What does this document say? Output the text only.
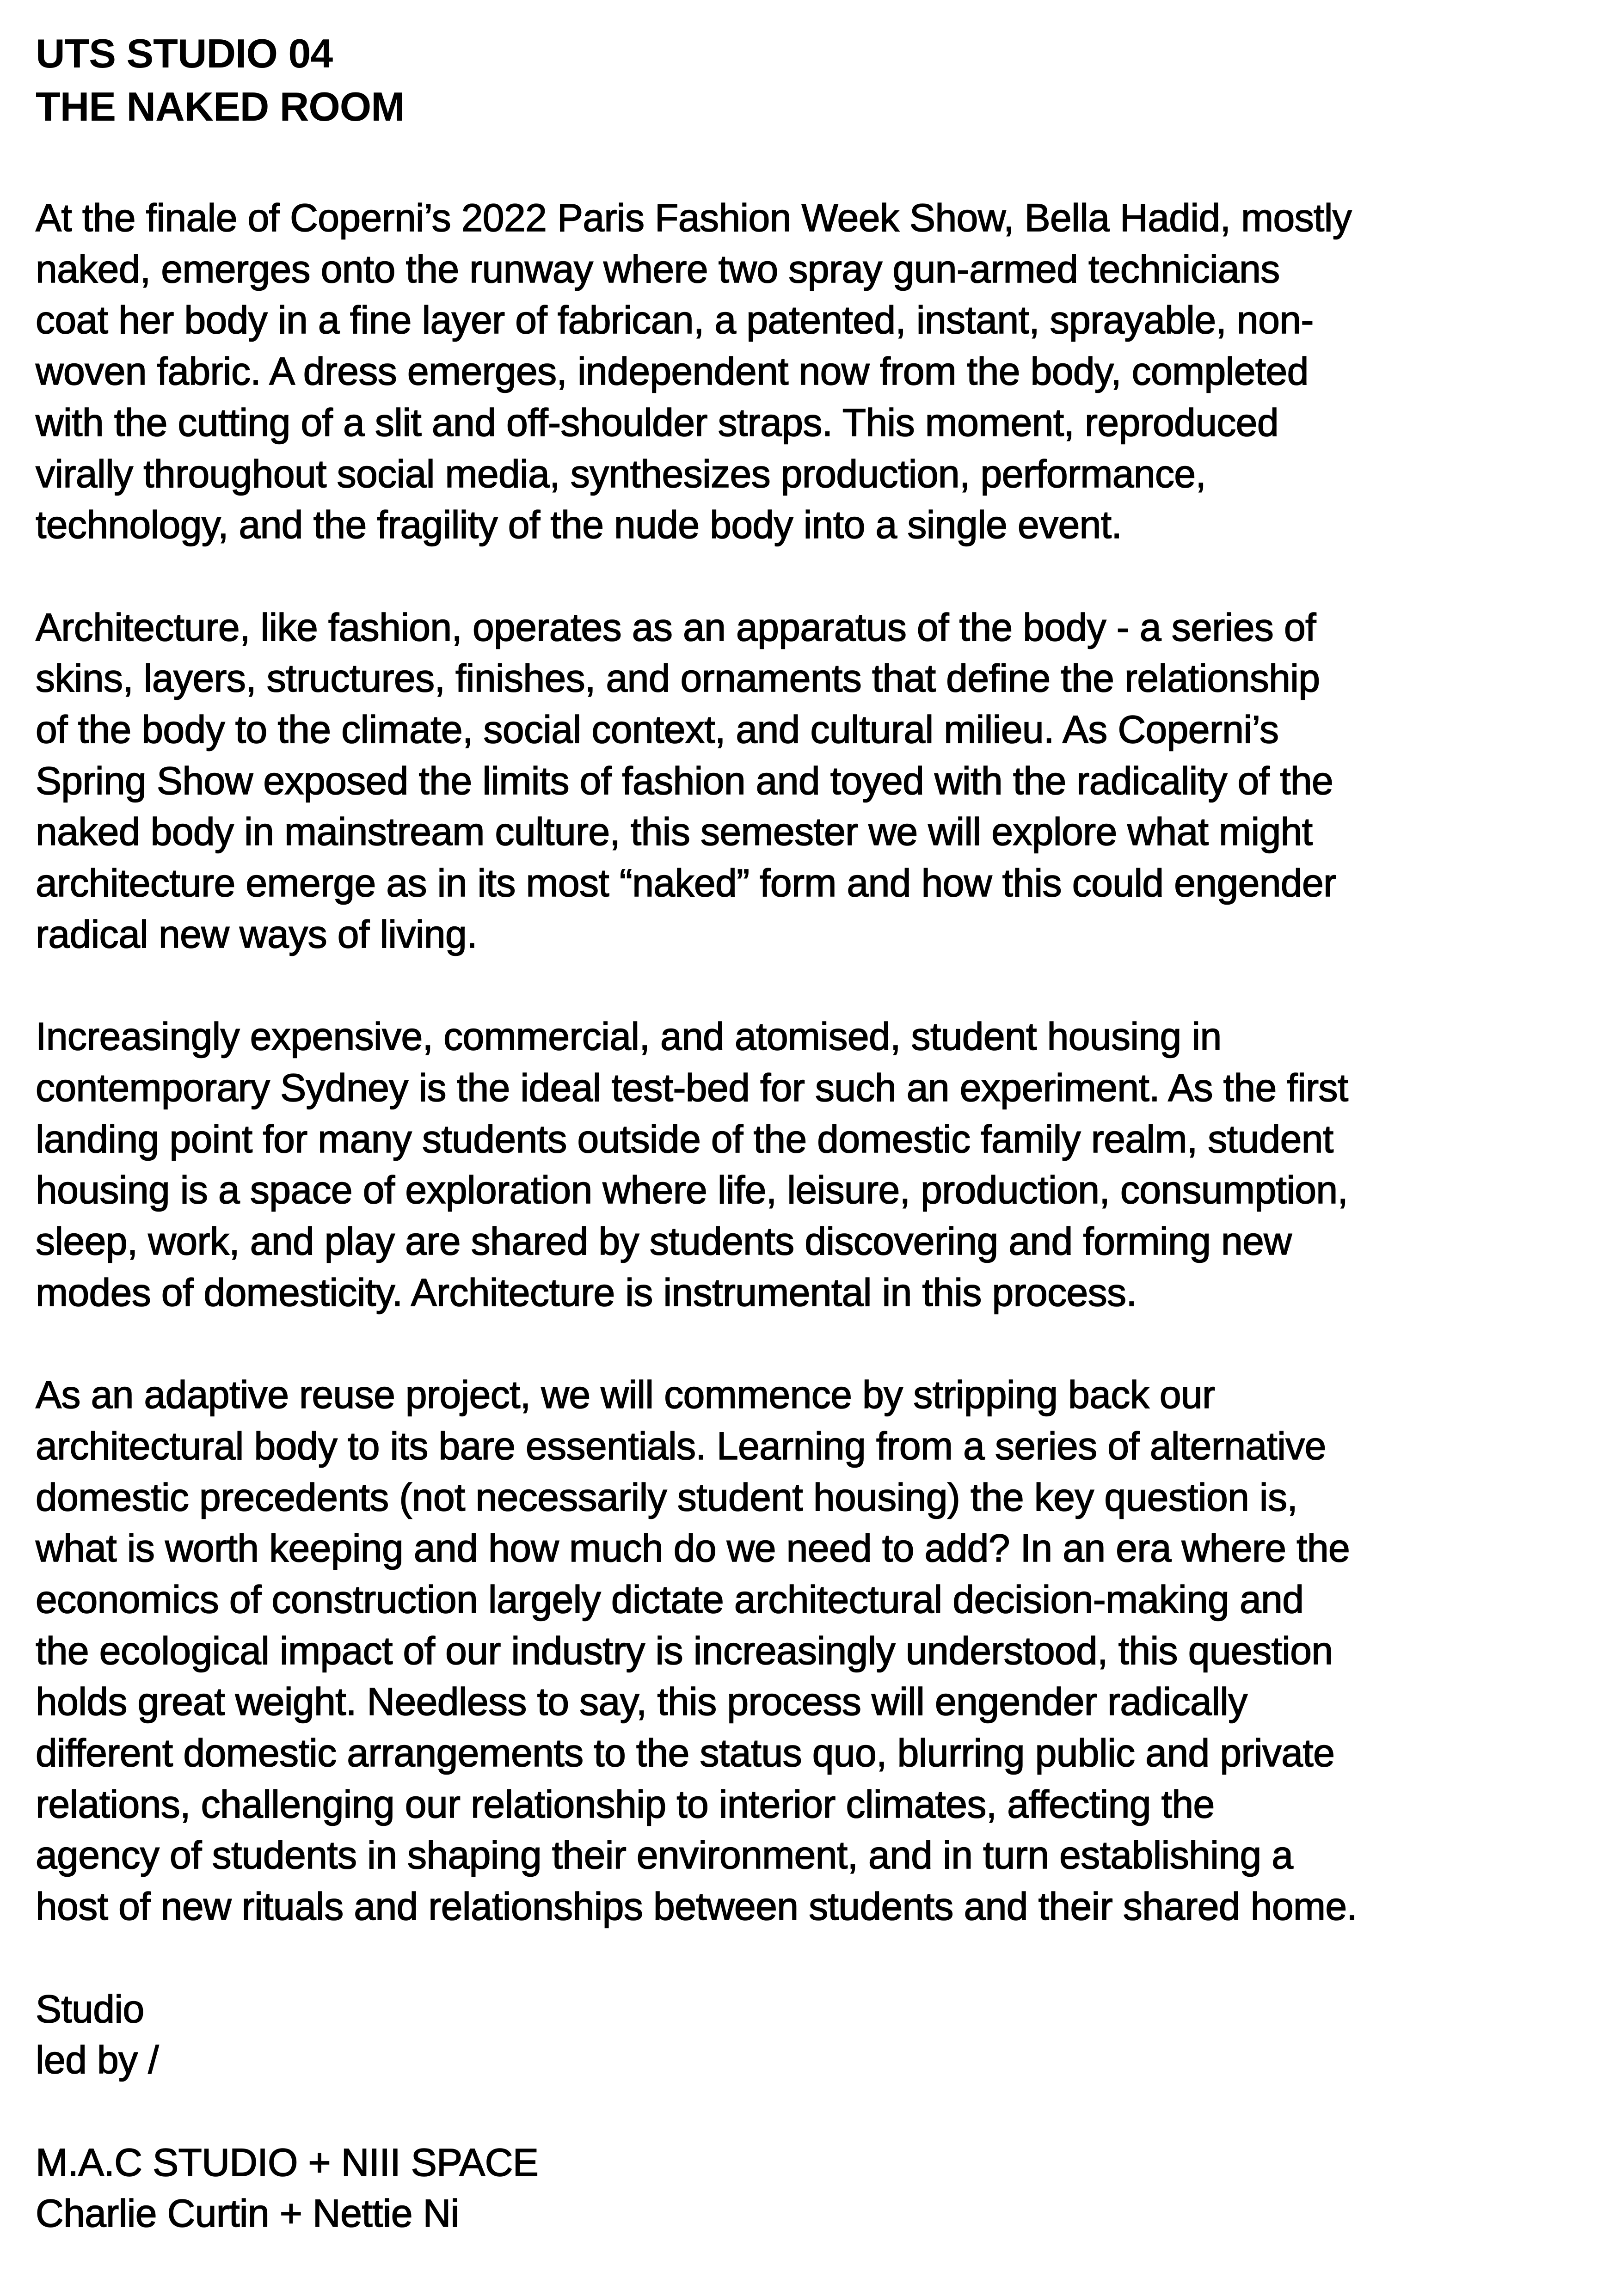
UTS STUDIO 04
THE NAKED ROOM
At the finale of Coperni’s 2022 Paris Fashion Week Show, Bella Hadid, mostly
naked, emerges onto the runway where two spray gun-armed technicians
coat her body in a fine layer of fabrican, a patented, instant, sprayable, non-
woven fabric. A dress emerges, independent now from the body, completed
with the cutting of a slit and off-shoulder straps. This moment, reproduced
virally throughout social media, synthesizes production, performance,
technology, and the fragility of the nude body into a single event.
Architecture, like fashion, operates as an apparatus of the body - a series of
skins, layers, structures, finishes, and ornaments that define the relationship
of the body to the climate, social context, and cultural milieu. As Coperni’s
Spring Show exposed the limits of fashion and toyed with the radicality of the
naked body in mainstream culture, this semester we will explore what might
architecture emerge as in its most “naked” form and how this could engender
radical new ways of living.
Increasingly expensive, commercial, and atomised, student housing in
contemporary Sydney is the ideal test-bed for such an experiment. As the first
landing point for many students outside of the domestic family realm, student
housing is a space of exploration where life, leisure, production, consumption,
sleep, work, and play are shared by students discovering and forming new
modes of domesticity. Architecture is instrumental in this process.
As an adaptive reuse project, we will commence by stripping back our
architectural body to its bare essentials. Learning from a series of alternative
domestic precedents (not necessarily student housing) the key question is,
what is worth keeping and how much do we need to add? In an era where the
economics of construction largely dictate architectural decision-making and
the ecological impact of our industry is increasingly understood, this question
holds great weight. Needless to say, this process will engender radically
different domestic arrangements to the status quo, blurring public and private
relations, challenging our relationship to interior climates, affecting the
agency of students in shaping their environment, and in turn establishing a
host of new rituals and relationships between students and their shared home.
Studio
led by /
M.A.C STUDIO + NIII SPACE
Charlie Curtin + Nettie Ni
